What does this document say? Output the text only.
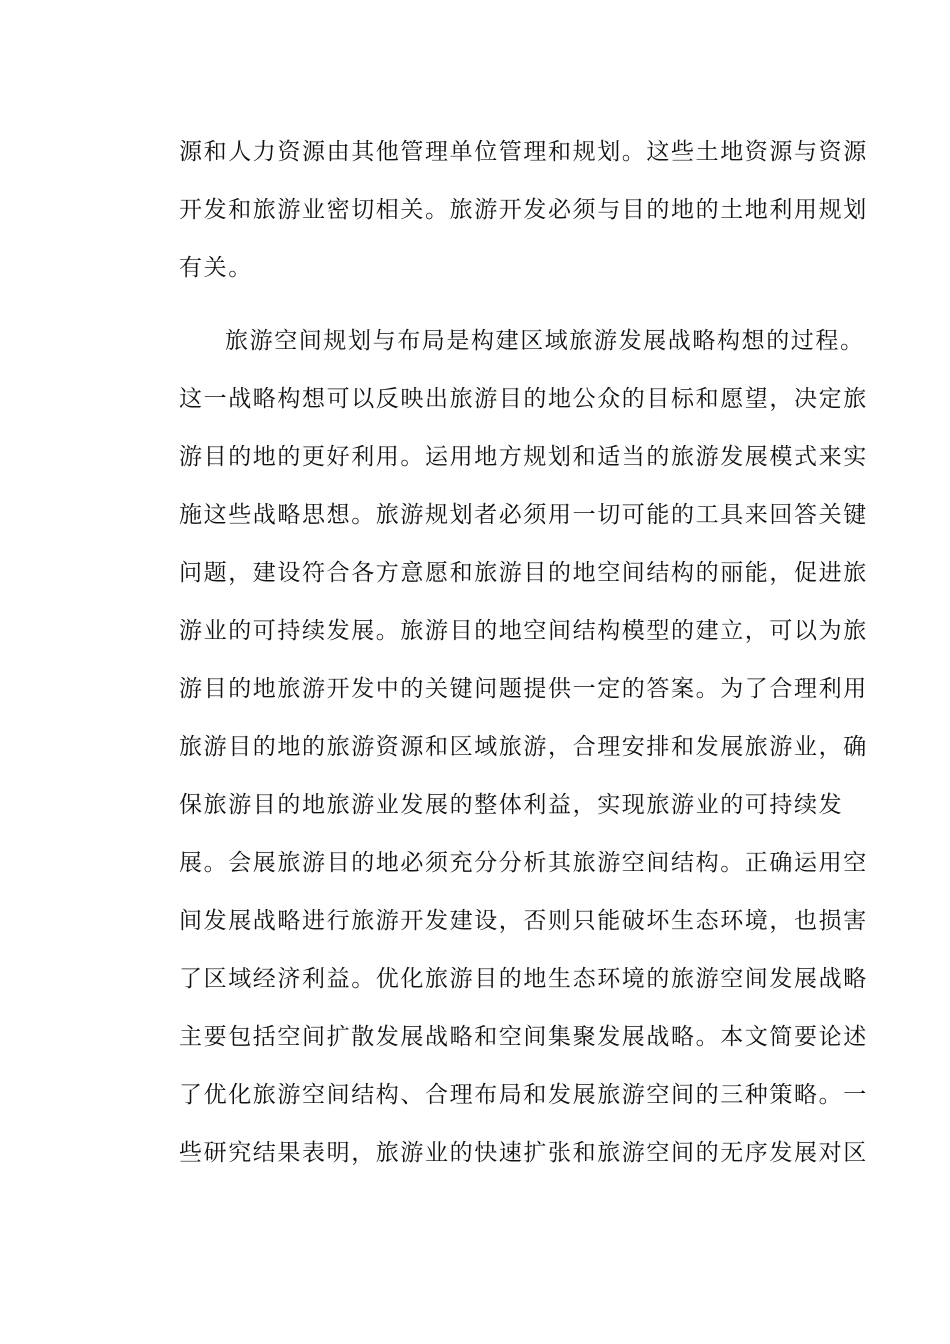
源和人力资源由其他管理单位管理和规划。这些土地资源与资源
开发和旅游业密切相关。旅游开发必须与目的地的土地利用规划
有关。
旅游空间规划与布局是构建区域旅游发展战略构想的过程。
这一战略构想可以反映出旅游目的地公众的目标和愿望，决定旅
游目的地的更好利用。运用地方规划和适当的旅游发展模式来实
施这些战略思想。旅游规划者必须用一切可能的工具来回答关键
问题，建设符合各方意愿和旅游目的地空间结构的丽能，促进旅
游业的可持续发展。旅游目的地空间结构模型的建立，可以为旅
游目的地旅游开发中的关键问题提供一定的答案。为了合理利用
旅游目的地的旅游资源和区域旅游，合理安排和发展旅游业，确
保旅游目的地旅游业发展的整体利益，实现旅游业的可持续发
展。会展旅游目的地必须充分分析其旅游空间结构。正确运用空
间发展战略进行旅游开发建设，否则只能破坏生态环境，也损害
了区域经济利益。优化旅游目的地生态环境的旅游空间发展战略
主要包括空间扩散发展战略和空间集聚发展战略。本文简要论述
了优化旅游空间结构、合理布局和发展旅游空间的三种策略。一
些研究结果表明，旅游业的快速扩张和旅游空间的无序发展对区
